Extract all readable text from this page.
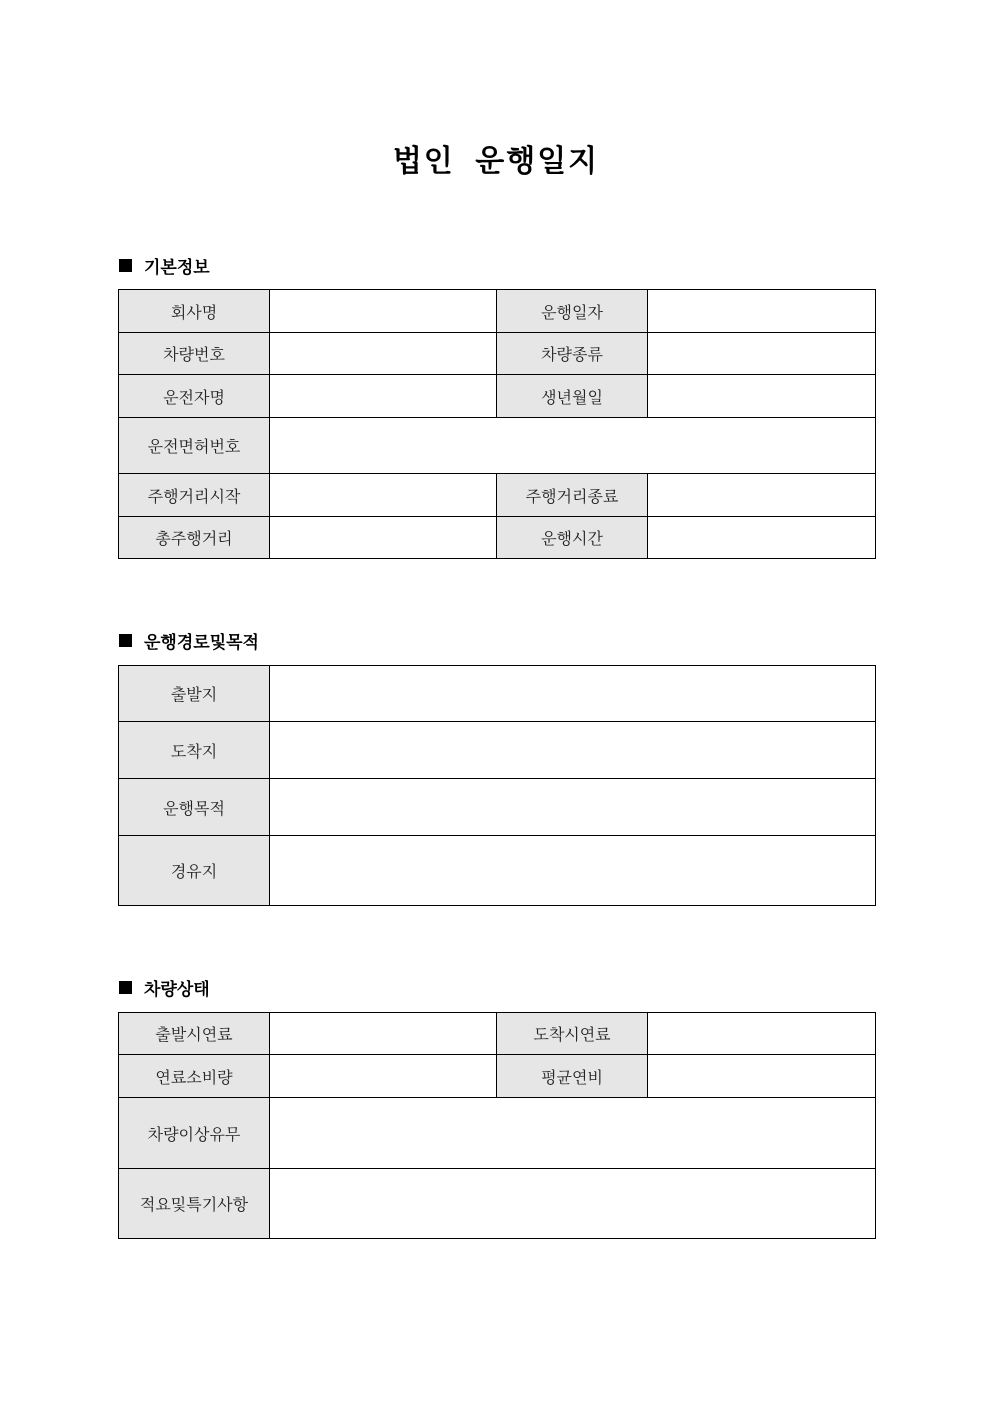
법인 운행일지
기본정보
회사명		운행일자	
차량번호		차량종류	
운전자명		생년월일	
운전면허번호			
주행거리시작		주행거리종료	
총주행거리		운행시간	
운행경로및목적
출발지	
도착지	
운행목적	
경유지	
차량상태
출발시연료		도착시연료	
연료소비량		평균연비	
차량이상유무			
적요및특기사항			
